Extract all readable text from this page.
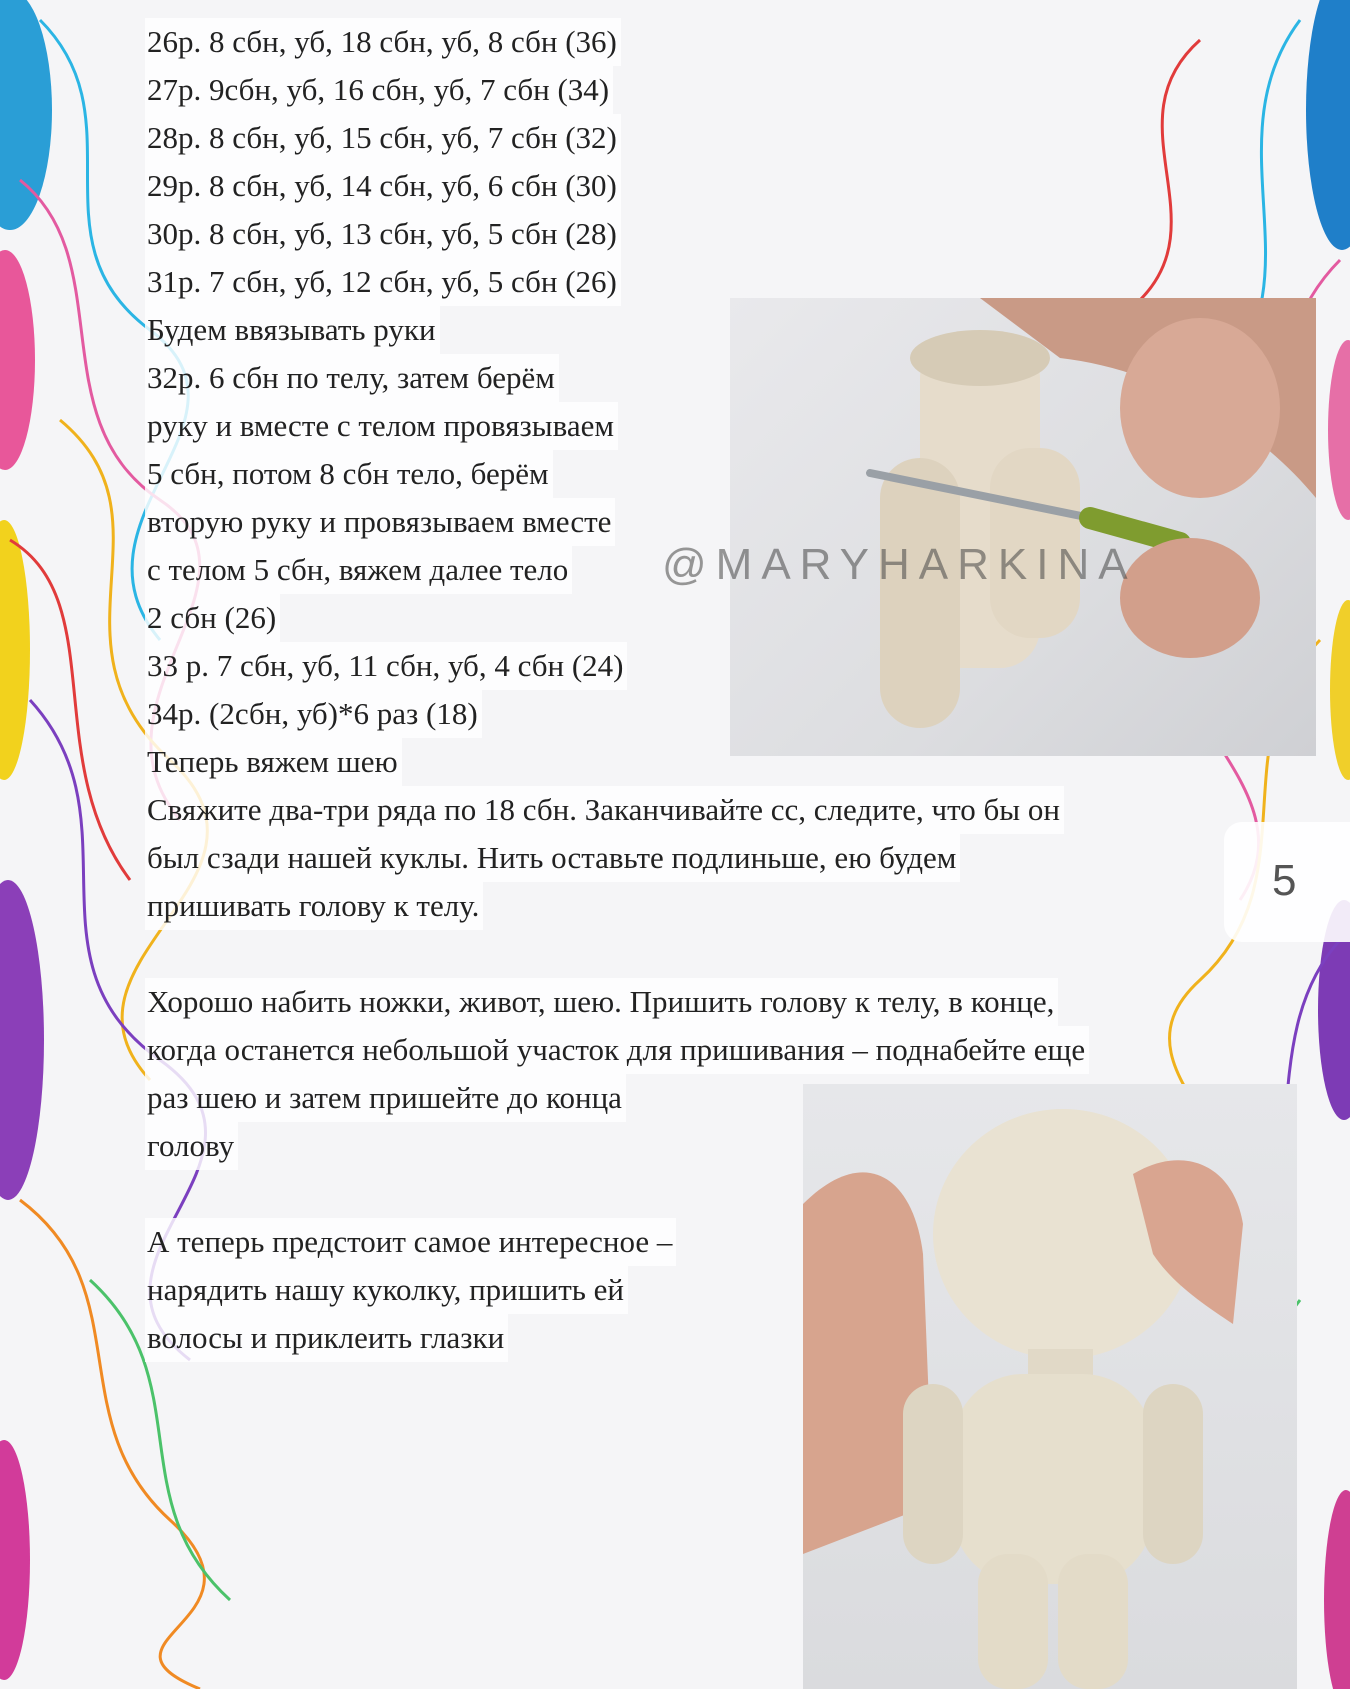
26р. 8 сбн, уб, 18 сбн, уб, 8 сбн (36)
27р. 9сбн, уб, 16 сбн, уб, 7 сбн (34)
28р. 8 сбн, уб, 15 сбн, уб, 7 сбн (32)
29р. 8 сбн, уб, 14 сбн, уб, 6 сбн (30)
30р. 8 сбн, уб, 13 сбн, уб, 5 сбн (28)
31р. 7 сбн, уб, 12 сбн, уб, 5 сбн (26)
Будем ввязывать руки
32р. 6 сбн по телу, затем берём
руку и вместе с телом провязываем
5 сбн, потом 8 сбн тело, берём
вторую руку и провязываем вместе
с телом 5 сбн, вяжем далее тело
2 сбн (26)
33 р. 7 сбн, уб, 11 сбн, уб, 4 сбн (24)
34р. (2сбн, уб)*6 раз (18)
Теперь вяжем шею
Свяжите два-три ряда по 18 сбн. Заканчивайте сс, следите, что бы он
был сзади нашей куклы. Нить оставьте подлиньше, ею будем
пришивать голову к телу.
Хорошо набить ножки, живот, шею. Пришить голову к телу, в конце,
когда останется небольшой участок для пришивания – поднабейте еще
раз шею и затем пришейте до конца
голову
А теперь предстоит самое интересное –
нарядить нашу куколку, пришить ей
волосы и приклеить глазки
@MARYHARKINA
5
